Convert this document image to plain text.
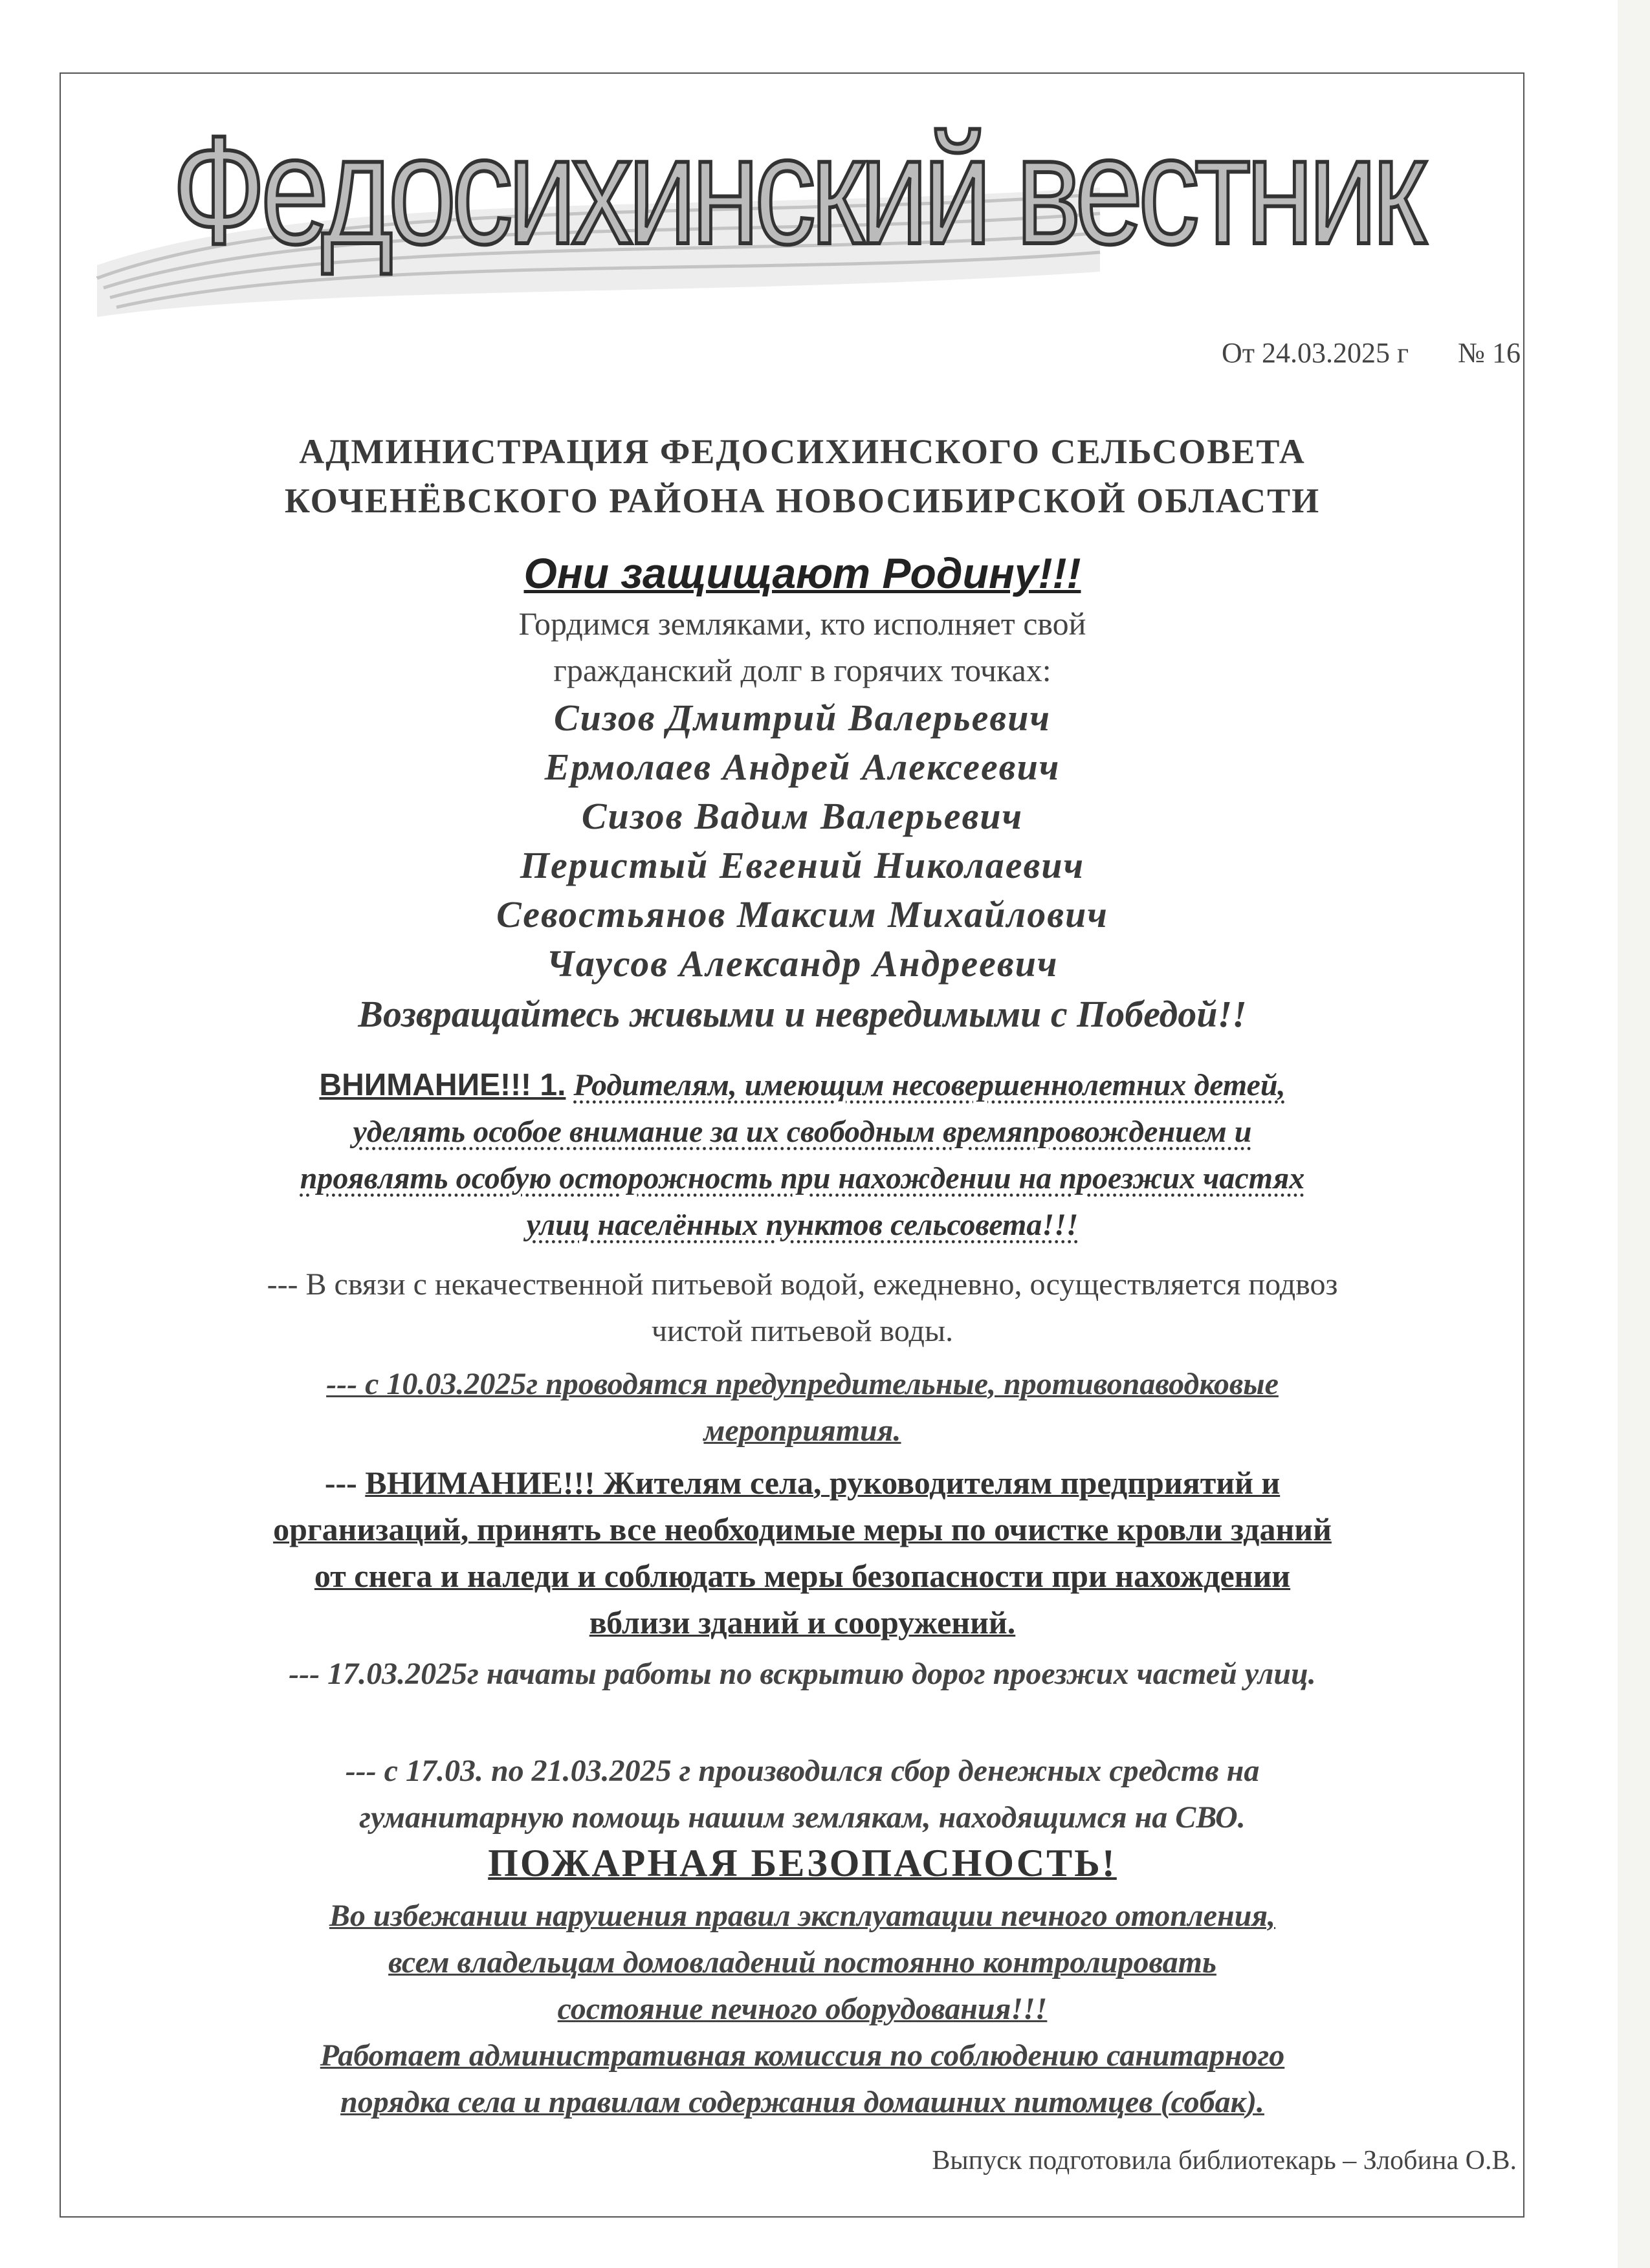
Федосихинский вестник
От 24.03.2025 г № 16
АДМИНИСТРАЦИЯ ФЕДОСИХИНСКОГО СЕЛЬСОВЕТА
КОЧЕНЁВСКОГО РАЙОНА НОВОСИБИРСКОЙ ОБЛАСТИ
Они защищают Родину!!!
Гордимся земляками, кто исполняет свой
гражданский долг в горячих точках:
Сизов Дмитрий Валерьевич
Ермолаев Андрей Алексеевич
Сизов Вадим Валерьевич
Перистый Евгений Николаевич
Севостьянов Максим Михайлович
Чаусов Александр Андреевич
Возвращайтесь живыми и невредимыми с Победой!!
ВНИМАНИЕ!!! 1. Родителям, имеющим несовершеннолетних детей,
уделять особое внимание за их свободным времяпровождением и
проявлять особую осторожность при нахождении на проезжих частях
улиц населённых пунктов сельсовета!!!
--- В связи с некачественной питьевой водой, ежедневно, осуществляется подвоз
чистой питьевой воды.
--- с 10.03.2025г проводятся предупредительные, противопаводковые
мероприятия.
--- ВНИМАНИЕ!!! Жителям села, руководителям предприятий и
организаций, принять все необходимые меры по очистке кровли зданий
от снега и наледи и соблюдать меры безопасности при нахождении
вблизи зданий и сооружений.
--- 17.03.2025г начаты работы по вскрытию дорог проезжих частей улиц.
--- с 17.03. по 21.03.2025 г производился сбор денежных средств на
гуманитарную помощь нашим землякам, находящимся на СВО.
ПОЖАРНАЯ БЕЗОПАСНОСТЬ!
Во избежании нарушения правил эксплуатации печного отопления,
всем владельцам домовладений постоянно контролировать
состояние печного оборудования!!!
Работает административная комиссия по соблюдению санитарного
порядка села и правилам содержания домашних питомцев (собак).
Выпуск подготовила библиотекарь – Злобина О.В.
